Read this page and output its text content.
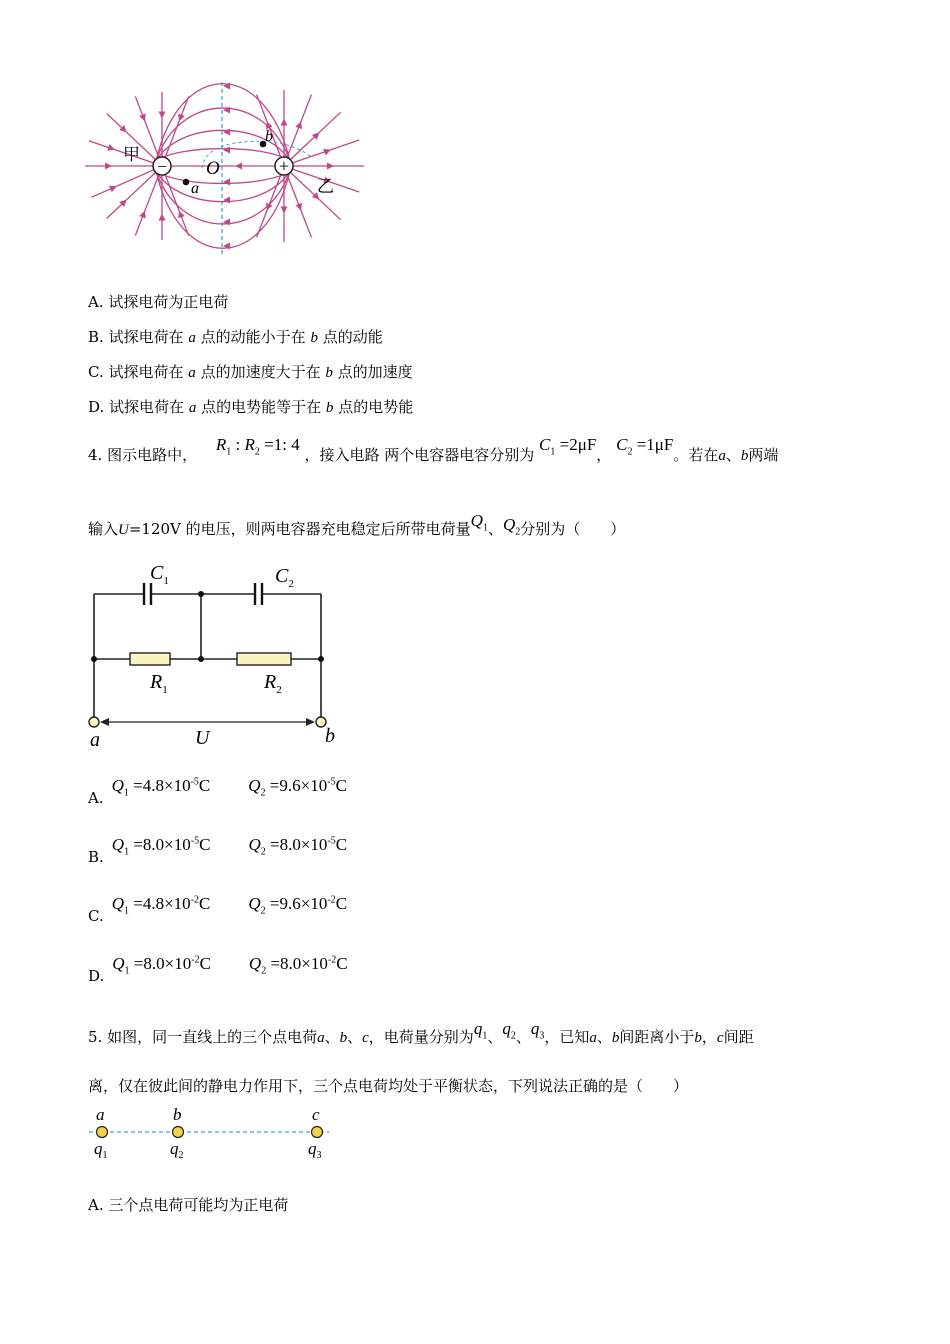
−	+
甲
乙
O
a
b
A. 试探电荷为正电荷
B. 试探电荷在 a 点的动能小于在 b 点的动能
C. 试探电荷在 a 点的加速度大于在 b 点的加速度
D. 试探电荷在 a 点的电势能等于在 b 点的电势能
4. 图示电路中， $R_1$ : $R_2 =1$: 4 ，接入电路 两个电容器电容分别为 $C_1 =2\mu F$， $C_2 =1\mu F$。若在a、b两端
输入U=120V 的电压，则两电容器充电稳定后所带电荷量$Q_1$、$Q_2$分别为（　　）
$C_1$	$C_2$
$R_1$	$R_2$
a	b
U
$A.Q_1 =4.8\times 10^{-5}C$ $Q_2 =9.6\times 10^{-5}C$
$B.Q_1 =8.0\times 10^{-5}C$ $Q_2 =8.0\times 10^{-5}C$
$C.Q_1 =4.8\times 10^{-2}C$ $Q_2 =9.6\times 10^{-2}C$
$D.Q_1 =8.0\times 10^{-2}C$ $Q_2 =8.0\times 10^{-2}C$
5. 如图，同一直线上的三个点电荷a、b、c，电荷量分别为$q_1$、$q_2$、$q_3$，已知a、b间距离小于b，c间距
离，仅在彼此间的静电力作用下，三个点电荷均处于平衡状态，下列说法正确的是（　　）
a	b	c
$q_1$	$q_2$	$q_3$
A. 三个点电荷可能均为正电荷
